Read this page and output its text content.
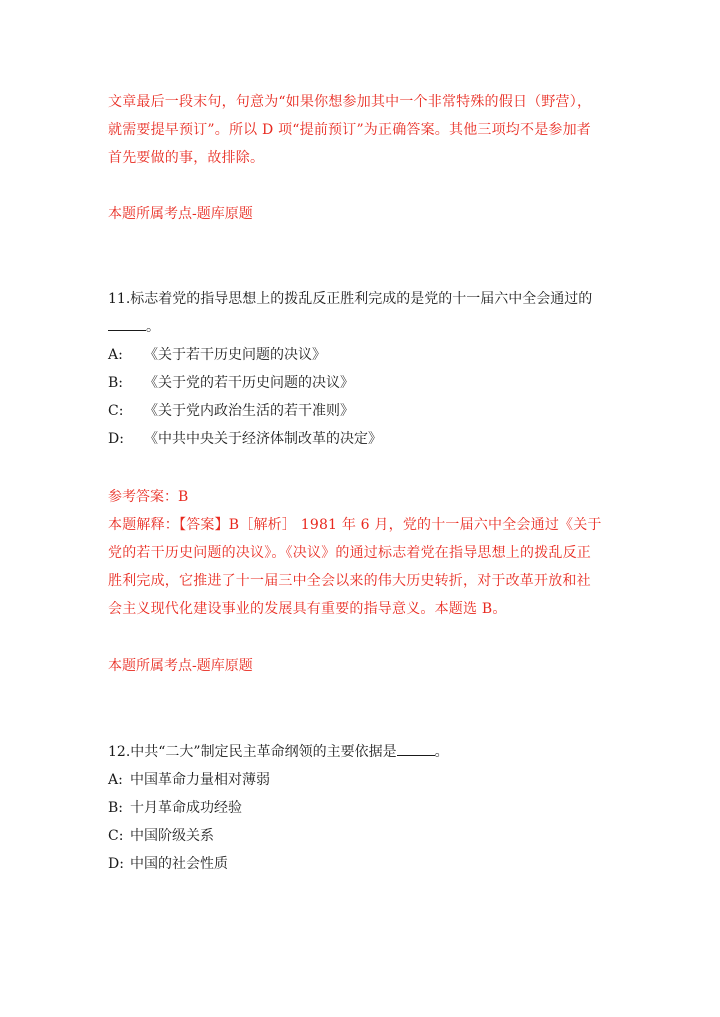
文章最后一段末句，句意为“如果你想参加其中一个非常特殊的假日（野营），
就需要提早预订”。所以 D 项“提前预订”为正确答案。其他三项均不是参加者
首先要做的事，故排除。
本题所属考点-题库原题
11.标志着党的指导思想上的拨乱反正胜利完成的是党的十一届六中全会通过的
。
A: 《关于若干历史问题的决议》
B: 《关于党的若干历史问题的决议》
C: 《关于党内政治生活的若干准则》
D: 《中共中央关于经济体制改革的决定》
参考答案：B
本题解释：【答案】B［解析］ 1981 年 6 月，党的十一届六中全会通过《关于
党的若干历史问题的决议》。《决议》的通过标志着党在指导思想上的拨乱反正
胜利完成，它推进了十一届三中全会以来的伟大历史转折，对于改革开放和社
会主义现代化建设事业的发展具有重要的指导意义。本题选 B。
本题所属考点-题库原题
12.中共“二大”制定民主革命纲领的主要依据是	。
A: 中国革命力量相对薄弱
B: 十月革命成功经验
C: 中国阶级关系
D: 中国的社会性质
